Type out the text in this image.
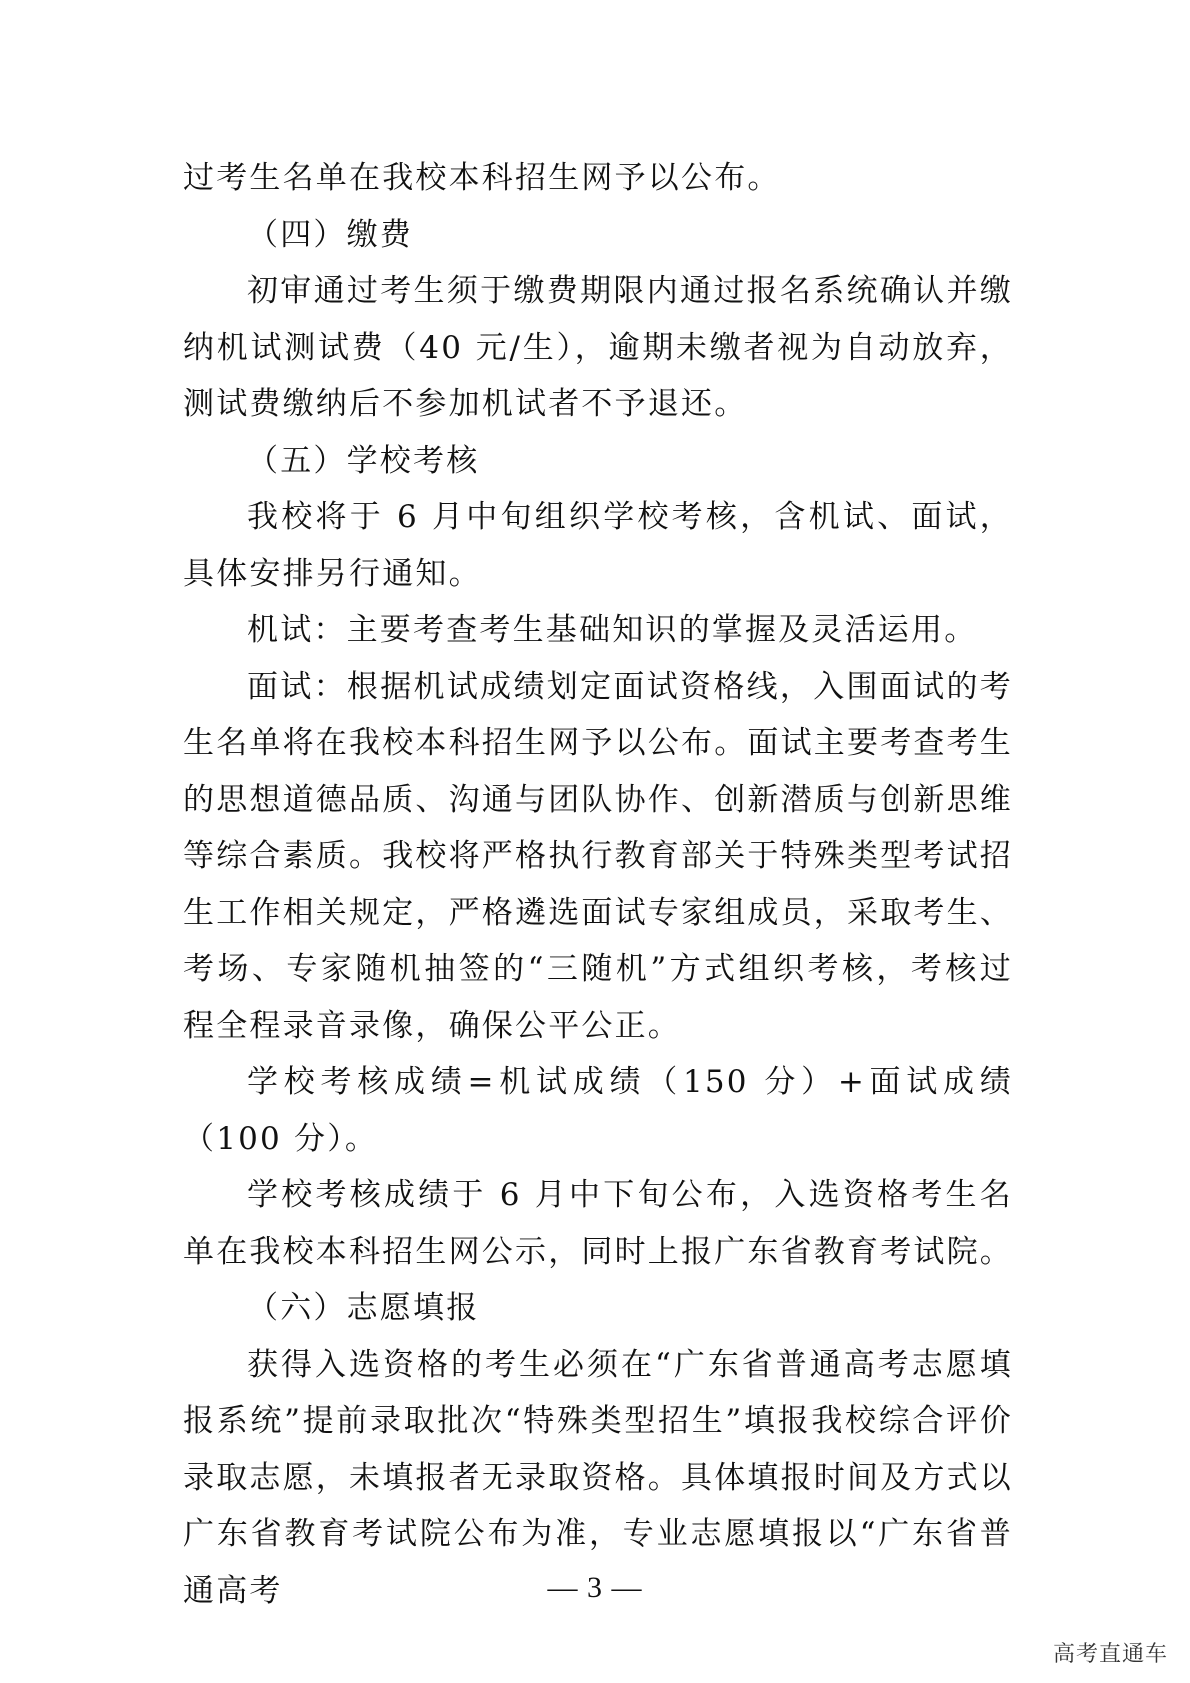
过考生名单在我校本科招生网予以公布。

（四）缴费

初审通过考生须于缴费期限内通过报名系统确认并缴纳机试测试费（40 元/生），逾期未缴者视为自动放弃，测试费缴纳后不参加机试者不予退还。

（五）学校考核

我校将于 6 月中旬组织学校考核，含机试、面试，具体安排另行通知。

机试：主要考查考生基础知识的掌握及灵活运用。

面试：根据机试成绩划定面试资格线，入围面试的考生名单将在我校本科招生网予以公布。面试主要考查考生的思想道德品质、沟通与团队协作、创新潜质与创新思维等综合素质。我校将严格执行教育部关于特殊类型考试招生工作相关规定，严格遴选面试专家组成员，采取考生、考场、专家随机抽签的“三随机”方式组织考核，考核过程全程录音录像，确保公平公正。

学校考核成绩=机试成绩（150 分）+面试成绩（100 分）。

学校考核成绩于 6 月中下旬公布，入选资格考生名单在我校本科招生网公示，同时上报广东省教育考试院。

（六）志愿填报

获得入选资格的考生必须在“广东省普通高考志愿填报系统”提前录取批次“特殊类型招生”填报我校综合评价录取志愿，未填报者无录取资格。具体填报时间及方式以广东省教育考试院公布为准，专业志愿填报以“广东省普通高考	— 3 —
高考直通车
